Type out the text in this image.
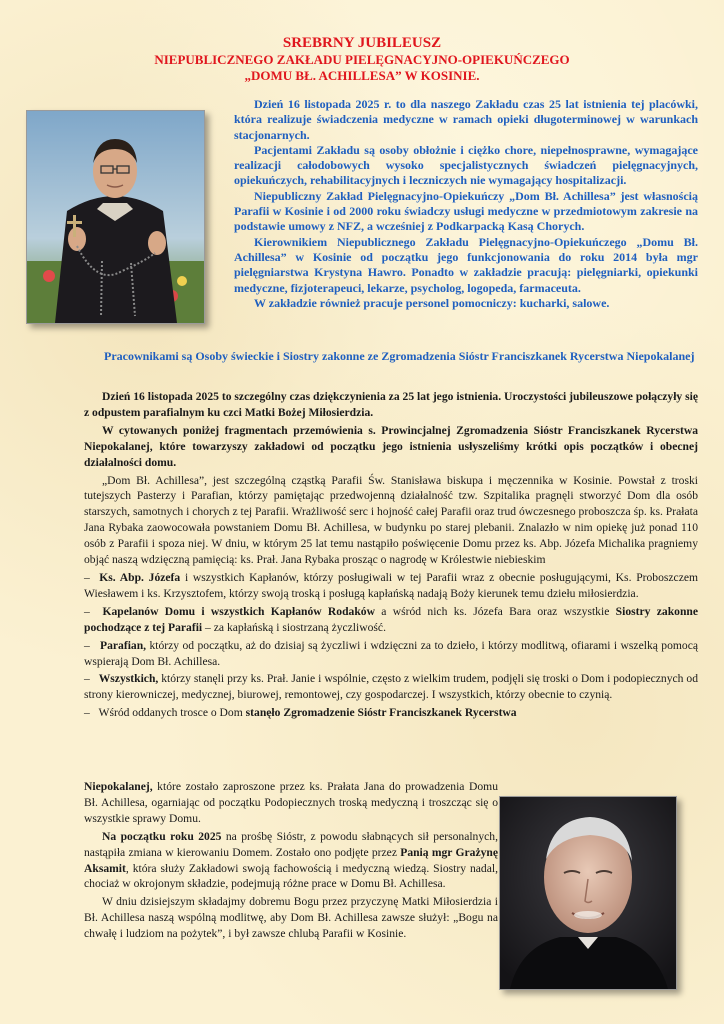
SREBRNY JUBILEUSZ
NIEPUBLICZNEGO ZAKŁADU PIELĘGNACYJNO-OPIEKUŃCZEGO
„DOMU BŁ. ACHILLESA” W KOSINIE.

Dzień 16 listopada 2025 r. to dla naszego Zakładu czas 25 lat istnienia tej placówki, która realizuje świadczenia medyczne w ramach opieki długoterminowej w warunkach stacjonarnych.

Pacjentami Zakładu są osoby obłożnie i ciężko chore, niepełnosprawne, wymagające realizacji całodobowych wysoko specjalistycznych świadczeń pielęgnacyjnych, opiekuńczych, rehabilitacyjnych i leczniczych nie wymagający hospitalizacji.

Niepubliczny Zakład Pielęgnacyjno-Opiekuńczy „Dom Bł. Achillesa” jest własnością Parafii w Kosinie i od 2000 roku świadczy usługi medyczne w przedmiotowym zakresie na podstawie umowy z NFZ, a wcześniej z Podkarpacką Kasą Chorych.

Kierownikiem Niepublicznego Zakładu Pielęgnacyjno-Opiekuńczego „Domu Bł. Achillesa” w Kosinie od początku jego funkcjonowania do roku 2014 była mgr pielęgniarstwa Krystyna Hawro. Ponadto w zakładzie pracują: pielęgniarki, opiekunki medyczne, fizjoterapeuci, lekarze, psycholog, logopeda, farmaceuta.

W zakładzie również pracuje personel pomocniczy: kucharki, salowe.

Pracownikami są Osoby świeckie i Siostry zakonne ze Zgromadzenia Sióstr Franciszkanek Rycerstwa Niepokalanej

Dzień 16 listopada 2025 to szczególny czas dziękczynienia za 25 lat jego istnienia. Uroczystości jubileuszowe połączyły się z odpustem parafialnym ku czci Matki Bożej Miłosierdzia.

W cytowanych poniżej fragmentach przemówienia s. Prowincjalnej Zgromadzenia Sióstr Franciszkanek Rycerstwa Niepokalanej, które towarzyszy zakładowi od początku jego istnienia usłyszeliśmy krótki opis początków i obecnej działalności domu.

„Dom Bł. Achillesa”, jest szczególną cząstką Parafii Św. Stanisława biskupa i męczennika w Kosinie. Powstał z troski tutejszych Pasterzy i Parafian, którzy pamiętając przedwojenną działalność tzw. Szpitalika pragnęli stworzyć Dom dla osób starszych, samotnych i chorych z tej Parafii. Wrażliwość serc i hojność całej Parafii oraz trud ówczesnego proboszcza śp. ks. Prałata Jana Rybaka zaowocowała powstaniem Domu Bł. Achillesa, w budynku po starej plebanii. Znalazło w nim opiekę już ponad 110 osób z Parafii i spoza niej. W dniu, w którym 25 lat temu nastąpiło poświęcenie Domu przez ks. Abp. Józefa Michalika pragniemy objąć naszą wdzięczną pamięcią: ks. Prał. Jana Rybaka prosząc o nagrodę w Królestwie niebieskim

–  Ks. Abp. Józefa i wszystkich Kapłanów, którzy posługiwali w tej Parafii wraz z obecnie posługującymi, Ks. Proboszczem Wiesławem i ks. Krzysztofem, którzy swoją troską i posługą kapłańską nadają Boży kierunek temu dziełu miłosierdzia.

–  Kapelanów Domu i wszystkich Kapłanów Rodaków a wśród nich ks. Józefa Bara oraz wszystkie Siostry zakonne pochodzące z tej Parafii – za kapłańską i siostrzaną życzliwość.

–   Parafian, którzy od początku, aż do dzisiaj są życzliwi i wdzięczni za to dzieło, i którzy modlitwą, ofiarami i wszelką pomocą wspierają Dom Bł. Achillesa.

–   Wszystkich, którzy stanęli przy ks. Prał. Janie i wspólnie, często z wielkim trudem, podjęli się troski o Dom i podopiecznych od strony kierowniczej, medycznej, biurowej, remontowej, czy gospodarczej. I wszystkich, którzy obecnie to czynią.

–   Wśród oddanych trosce o Dom stanęło Zgromadzenie Sióstr Franciszkanek Rycerstwa

Niepokalanej, które zostało zaproszone przez ks. Prałata Jana do prowadzenia Domu Bł. Achillesa, ogarniając od początku Podopiecznych troską medyczną i troszcząc się o wszystkie sprawy Domu.

Na początku roku 2025 na prośbę Sióstr, z powodu słabnących sił personalnych, nastąpiła zmiana w kierowaniu Domem. Zostało ono podjęte przez Panią mgr Grażynę Aksamit, która służy Zakładowi swoją fachowością i medyczną wiedzą. Siostry nadal, chociaż w okrojonym składzie, podejmują różne prace w Domu Bł. Achillesa.

W dniu dzisiejszym składajmy dobremu Bogu przez przyczynę Matki Miłosierdzia i Bł. Achillesa naszą wspólną modlitwę, aby Dom Bł. Achillesa zawsze służył: „Bogu na chwałę i ludziom na pożytek”, i był zawsze chlubą Parafii w Kosinie.
